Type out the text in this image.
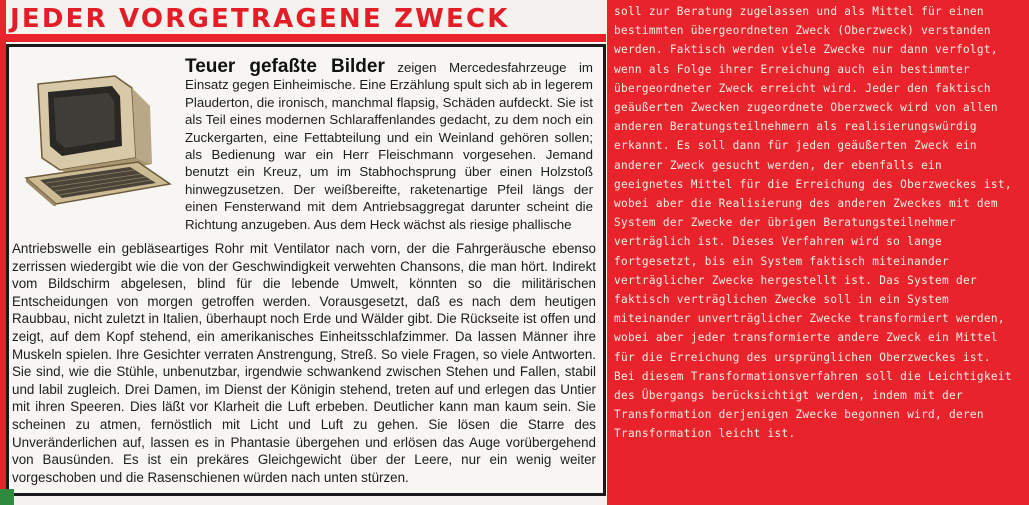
JEDER VORGETRAGENE ZWECK
Teuer gefaßte Bilder zeigen Mercedesfahrzeuge im Einsatz gegen Einheimische. Eine Erzählung spult sich ab in legerem Plauderton, die ironisch, manchmal flapsig, Schäden aufdeckt. Sie ist als Teil eines modernen Schlaraffenlandes gedacht, zu dem noch ein Zuckergarten, eine Fettabteilung und ein Weinland gehören sollen; als Bedienung war ein Herr Fleischmann vorgesehen. Jemand benutzt ein Kreuz, um im Stabhochsprung über einen Holzstoß hinwegzusetzen. Der weißbereifte, raketenartige Pfeil längs der einen Fensterwand mit dem Antriebsaggregat darunter scheint die Richtung anzugeben. Aus dem Heck wächst als riesige phallische
Antriebswelle ein gebläseartiges Rohr mit Ventilator nach vorn, der die Fahrgeräusche ebenso zerrissen wiedergibt wie die von der Geschwindigkeit verwehten Chansons, die man hört. Indirekt vom Bildschirm abgelesen, blind für die lebende Umwelt, könnten so die militärischen Entscheidungen von morgen getroffen werden. Vorausgesetzt, daß es nach dem heutigen Raubbau, nicht zuletzt in Italien, überhaupt noch Erde und Wälder gibt. Die Rückseite ist offen und zeigt, auf dem Kopf stehend, ein amerikanisches Einheitsschlafzimmer. Da lassen Männer ihre Muskeln spielen. Ihre Gesichter verraten Anstrengung, Streß. So viele Fragen, so viele Antworten. Sie sind, wie die Stühle, unbenutzbar, irgendwie schwankend zwischen Stehen und Fallen, stabil und labil zugleich. Drei Damen, im Dienst der Königin stehend, treten auf und erlegen das Untier mit ihren Speeren. Dies läßt vor Klarheit die Luft erbeben. Deutlicher kann man kaum sein. Sie scheinen zu atmen, fernöstlich mit Licht und Luft zu gehen. Sie lösen die Starre des Unveränderlichen auf, lassen es in Phantasie übergehen und erlösen das Auge vorübergehend von Bausünden. Es ist ein prekäres Gleichgewicht über der Leere, nur ein wenig weiter vorgeschoben und die Rasenschienen würden nach unten stürzen.
soll zur Beratung zugelassen und als Mittel für einen bestimmten übergeordneten Zweck (Oberzweck) verstanden werden. Faktisch werden viele Zwecke nur dann verfolgt, wenn als Folge ihrer Erreichung auch ein bestimmter übergeordneter Zweck erreicht wird. Jeder den faktisch geäußerten Zwecken zugeordnete Oberzweck wird von allen anderen Beratungsteilnehmern als realisierungswürdig erkannt. Es soll dann für jeden geäußerten Zweck ein anderer Zweck gesucht werden, der ebenfalls ein geeignetes Mittel für die Erreichung des Oberzweckes ist, wobei aber die Realisierung des anderen Zweckes mit dem System der Zwecke der übrigen Beratungsteilnehmer verträglich ist. Dieses Verfahren wird so lange fortgesetzt, bis ein System faktisch miteinander verträglicher Zwecke hergestellt ist. Das System der faktisch verträglichen Zwecke soll in ein System miteinander unverträglicher Zwecke transformiert werden, wobei aber jeder transformierte andere Zweck ein Mittel für die Erreichung des ursprünglichen Oberzweckes ist. Bei diesem Transformationsverfahren soll die Leichtigkeit des Übergangs berücksichtigt werden, indem mit der Transformation derjenigen Zwecke begonnen wird, deren Transformation leicht ist.
